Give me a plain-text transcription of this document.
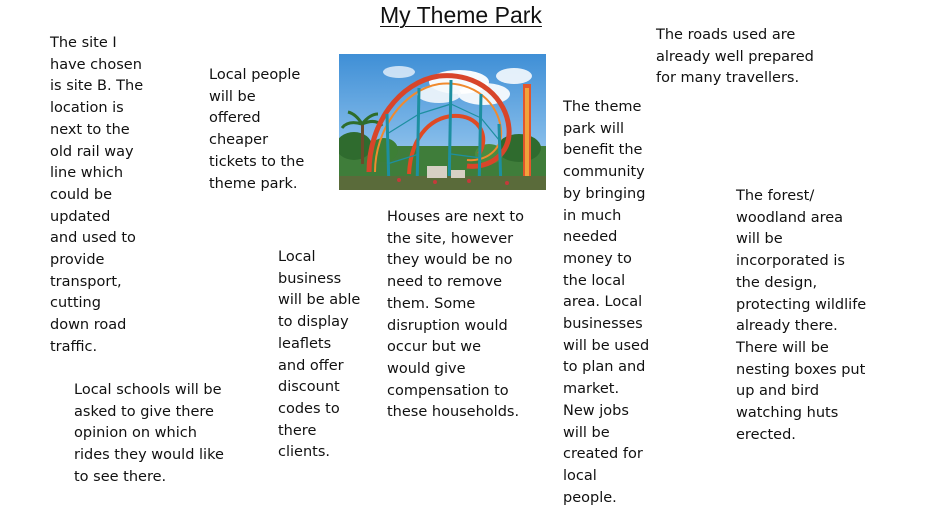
My Theme Park

The site I
have chosen
is site B. The
location is
next to the
old rail way
line which
could be
updated
and used to
provide
transport,
cutting
down road
traffic.

Local people
will be
offered
cheaper
tickets to the
theme park.

Local
business
will be able
to display
leaflets
and offer
discount
codes to
there
clients.

Houses are next to
the site, however
they would be no
need to remove
them. Some
disruption would
occur but we
would give
compensation to
these households.

The theme
park will
benefit the
community
by bringing
in much
needed
money to
the local
area. Local
businesses
will be used
to plan and
market.
New jobs
will be
created for
local
people.

The roads used are
already well prepared
for many travellers.

The forest/
woodland area
will be
incorporated is
the design,
protecting wildlife
already there.
There will be
nesting boxes put
up and bird
watching huts
erected.

Local schools will be
asked to give there
opinion on which
rides they would like
to see there.
